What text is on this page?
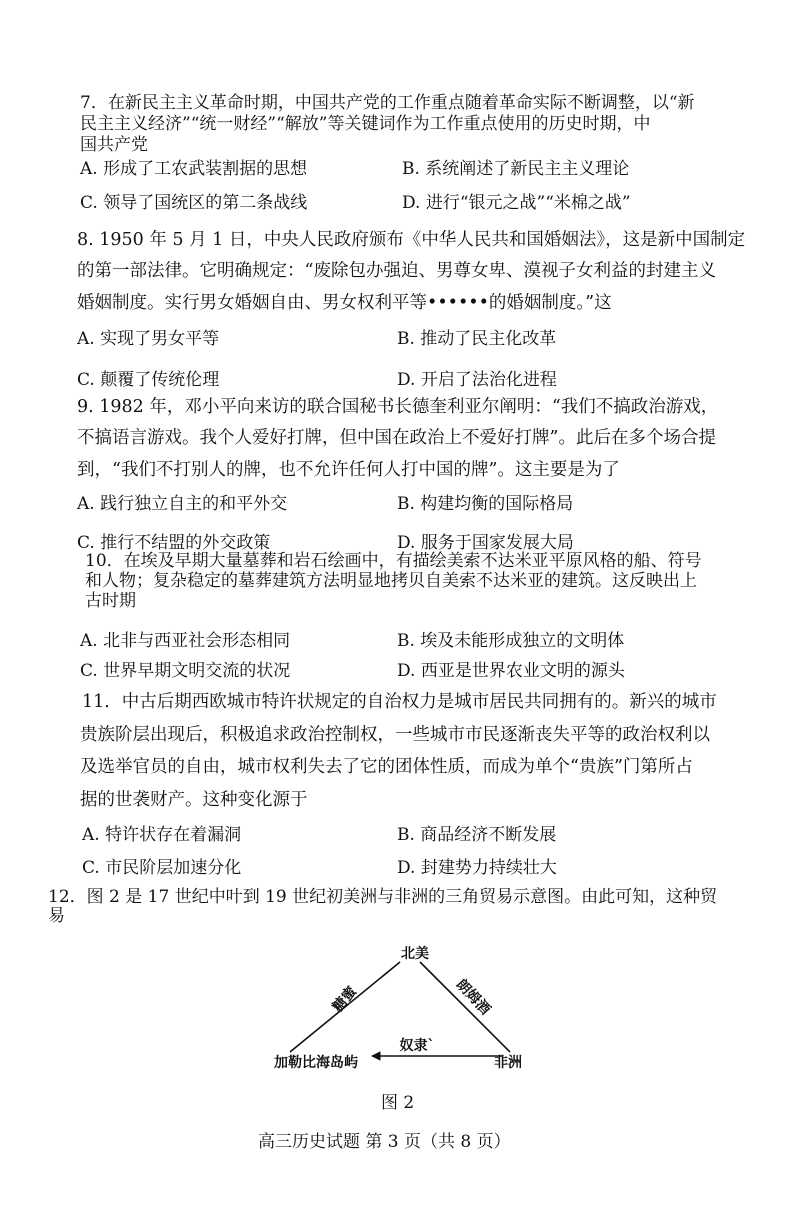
7．在新民主主义革命时期，中国共产党的工作重点随着革命实际不断调整，以“新
民主主义经济”“统一财经”“解放”等关键词作为工作重点使用的历史时期，中
国共产党
A. 形成了工农武装割据的思想	B. 系统阐述了新民主主义理论
C. 领导了国统区的第二条战线	D. 进行“银元之战”“米棉之战”
8. 1950 年 5 月 1 日，中央人民政府颁布《中华人民共和国婚姻法》，这是新中国制定
的第一部法律。它明确规定：“废除包办强迫、男尊女卑、漠视子女利益的封建主义
婚姻制度。实行男女婚姻自由、男女权利平等••••••的婚姻制度。”这
A. 实现了男女平等	B. 推动了民主化改革
C. 颠覆了传统伦理	D. 开启了法治化进程
9. 1982 年，邓小平向来访的联合国秘书长德奎利亚尔阐明：“我们不搞政治游戏，
不搞语言游戏。我个人爱好打牌，但中国在政治上不爱好打牌”。此后在多个场合提
到，“我们不打别人的牌，也不允许任何人打中国的牌”。这主要是为了
A. 践行独立自主的和平外交	B. 构建均衡的国际格局
C. 推行不结盟的外交政策	D. 服务于国家发展大局
10．在埃及早期大量墓葬和岩石绘画中，有描绘美索不达米亚平原风格的船、符号
和人物；复杂稳定的墓葬建筑方法明显地拷贝自美索不达米亚的建筑。这反映出上
古时期
A. 北非与西亚社会形态相同	B. 埃及未能形成独立的文明体
C. 世界早期文明交流的状况	D. 西亚是世界农业文明的源头
11．中古后期西欧城市特许状规定的自治权力是城市居民共同拥有的。新兴的城市
贵族阶层出现后，积极追求政治控制权，一些城市市民逐渐丧失平等的政治权利以
及选举官员的自由，城市权利失去了它的团体性质，而成为单个“贵族”门第所占
据的世袭财产。这种变化源于
A. 特许状存在着漏洞	B. 商品经济不断发展
C. 市民阶层加速分化	D. 封建势力持续壮大
12．图 2 是 17 世纪中叶到 19 世纪初美洲与非洲的三角贸易示意图。由此可知，这种贸
易
北美
加勒比海岛屿	非洲
糖蜜	朗姆酒
奴隶`
图 2
高三历史试题 第 3 页（共 8 页）
